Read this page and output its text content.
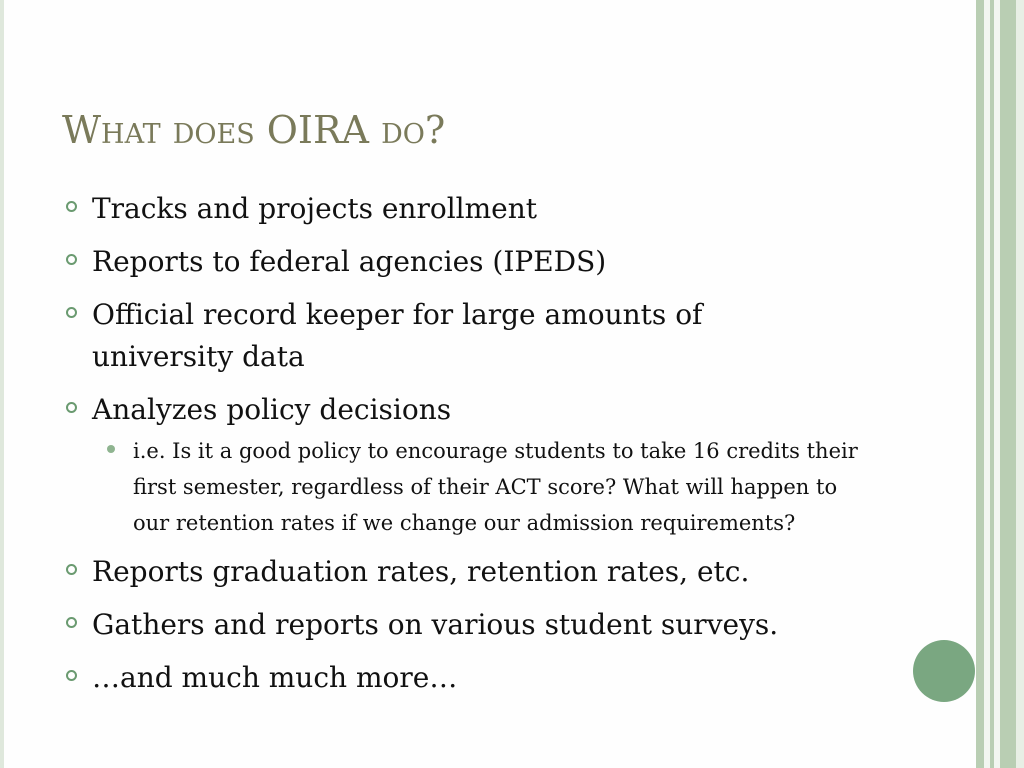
What does OIRA do?
Tracks and projects enrollment
Reports to federal agencies (IPEDS)
Official record keeper for large amounts of university data
Analyzes policy decisions
i.e. Is it a good policy to encourage students to take 16 credits their first semester, regardless of their ACT score? What will happen to our retention rates if we change our admission requirements?
Reports graduation rates, retention rates, etc.
Gathers and reports on various student surveys.
…and much much more…
